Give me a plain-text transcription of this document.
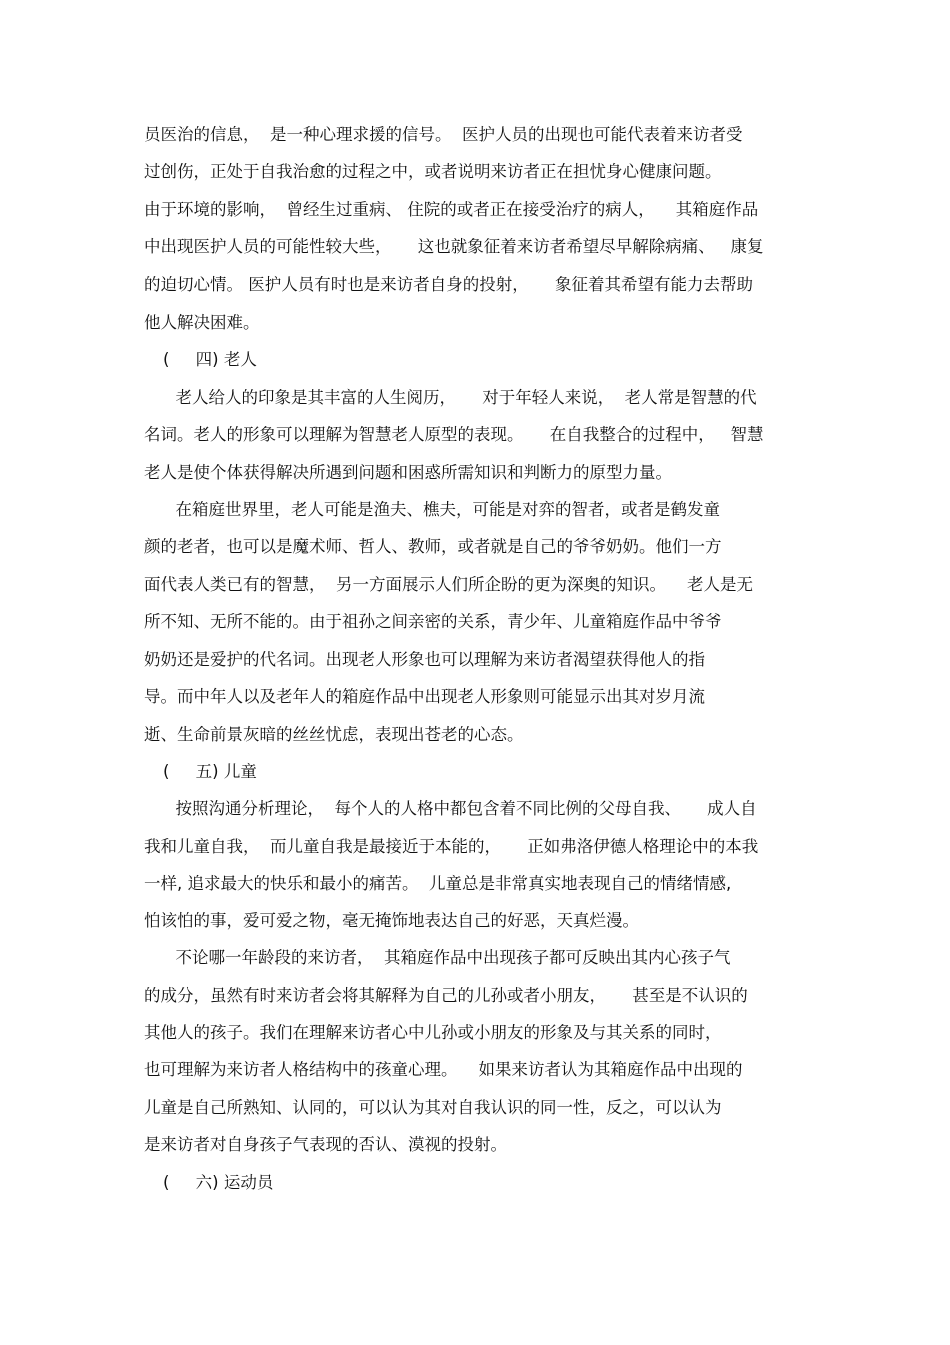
员医治的信息，  是一种心理求援的信号。  医护人员的出现也可能代表着来访者受
过创伤，正处于自我治愈的过程之中，或者说明来访者正在担忧身心健康问题。
由于环境的影响，  曾经生过重病、 住院的或者正在接受治疗的病人，    其箱庭作品
中出现医护人员的可能性较大些，     这也就象征着来访者希望尽早解除病痛、   康复
的迫切心情。 医护人员有时也是来访者自身的投射，     象征着其希望有能力去帮助
他人解决困难。
(     四) 老人
老人给人的印象是其丰富的人生阅历，     对于年轻人来说，  老人常是智慧的代
名词。老人的形象可以理解为智慧老人原型的表现。     在自我整合的过程中，   智慧
老人是使个体获得解决所遇到问题和困惑所需知识和判断力的原型力量。
在箱庭世界里，老人可能是渔夫、樵夫，可能是对弈的智者，或者是鹤发童
颜的老者，也可以是魔术师、哲人、教师，或者就是自己的爷爷奶奶。他们一方
面代表人类已有的智慧，  另一方面展示人们所企盼的更为深奥的知识。    老人是无
所不知、无所不能的。由于祖孙之间亲密的关系，青少年、儿童箱庭作品中爷爷
奶奶还是爱护的代名词。出现老人形象也可以理解为来访者渴望获得他人的指
导。而中年人以及老年人的箱庭作品中出现老人形象则可能显示出其对岁月流
逝、生命前景灰暗的丝丝忧虑，表现出苍老的心态。
(     五) 儿童
按照沟通分析理论，  每个人的人格中都包含着不同比例的父母自我、     成人自
我和儿童自我，  而儿童自我是最接近于本能的，     正如弗洛伊德人格理论中的本我
一样, 追求最大的快乐和最小的痛苦。  儿童总是非常真实地表现自己的情绪情感,
怕该怕的事，爱可爱之物，毫无掩饰地表达自己的好恶，天真烂漫。
不论哪一年龄段的来访者，  其箱庭作品中出现孩子都可反映出其内心孩子气
的成分，虽然有时来访者会将其解释为自己的儿孙或者小朋友，     甚至是不认识的
其他人的孩子。我们在理解来访者心中儿孙或小朋友的形象及与其关系的同时，
也可理解为来访者人格结构中的孩童心理。    如果来访者认为其箱庭作品中出现的
儿童是自己所熟知、认同的，可以认为其对自我认识的同一性，反之，可以认为
是来访者对自身孩子气表现的否认、漠视的投射。
(     六) 运动员
